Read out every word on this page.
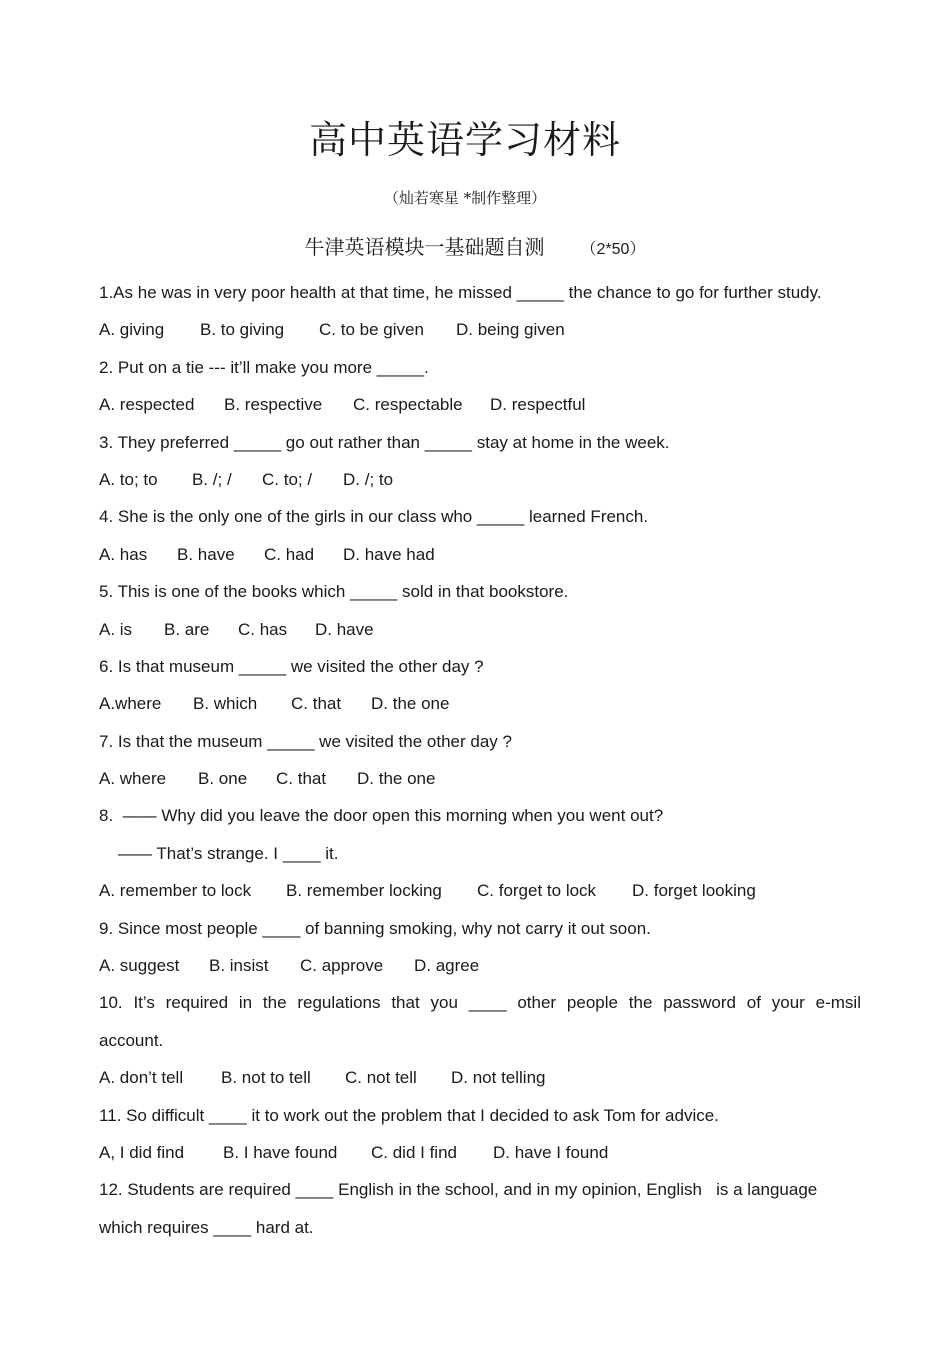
高中英语学习材料
（灿若寒星 *制作整理）
牛津英语模块一基础题自测 （2*50）
1.As he was in very poor health at that time, he missed _____ the chance to go for further study.
A. giving B. to giving C. to be given D. being given
2. Put on a tie --- it’ll make you more _____.
A. respected B. respective C. respectable D. respectful
3. They preferred _____ go out rather than _____ stay at home in the week.
A. to; to B. /; / C. to; / D. /; to
4. She is the only one of the girls in our class who _____ learned French.
A. has B. have C. had D. have had
5. This is one of the books which _____ sold in that bookstore.
A. is B. are C. has D. have
6. Is that museum _____ we visited the other day ?
A.where B. which C. that D. the one
7. Is that the museum _____ we visited the other day ?
A. where B. one C. that D. the one
8.  —— Why did you leave the door open this morning when you went out?
—— That’s strange. I ____ it.
A. remember to lock B. remember locking C. forget to lock D. forget looking
9. Since most people ____ of banning smoking, why not carry it out soon.
A. suggest B. insist C. approve D. agree
10. It’s required in the regulations that you ____ other people the password of your e-msil
account.
A. don’t tell B. not to tell C. not tell D. not telling
11. So difficult ____ it to work out the problem that I decided to ask Tom for advice.
A, I did find B. I have found C. did I find D. have I found
12. Students are required ____ English in the school, and in my opinion, English   is a language
which requires ____ hard at.
